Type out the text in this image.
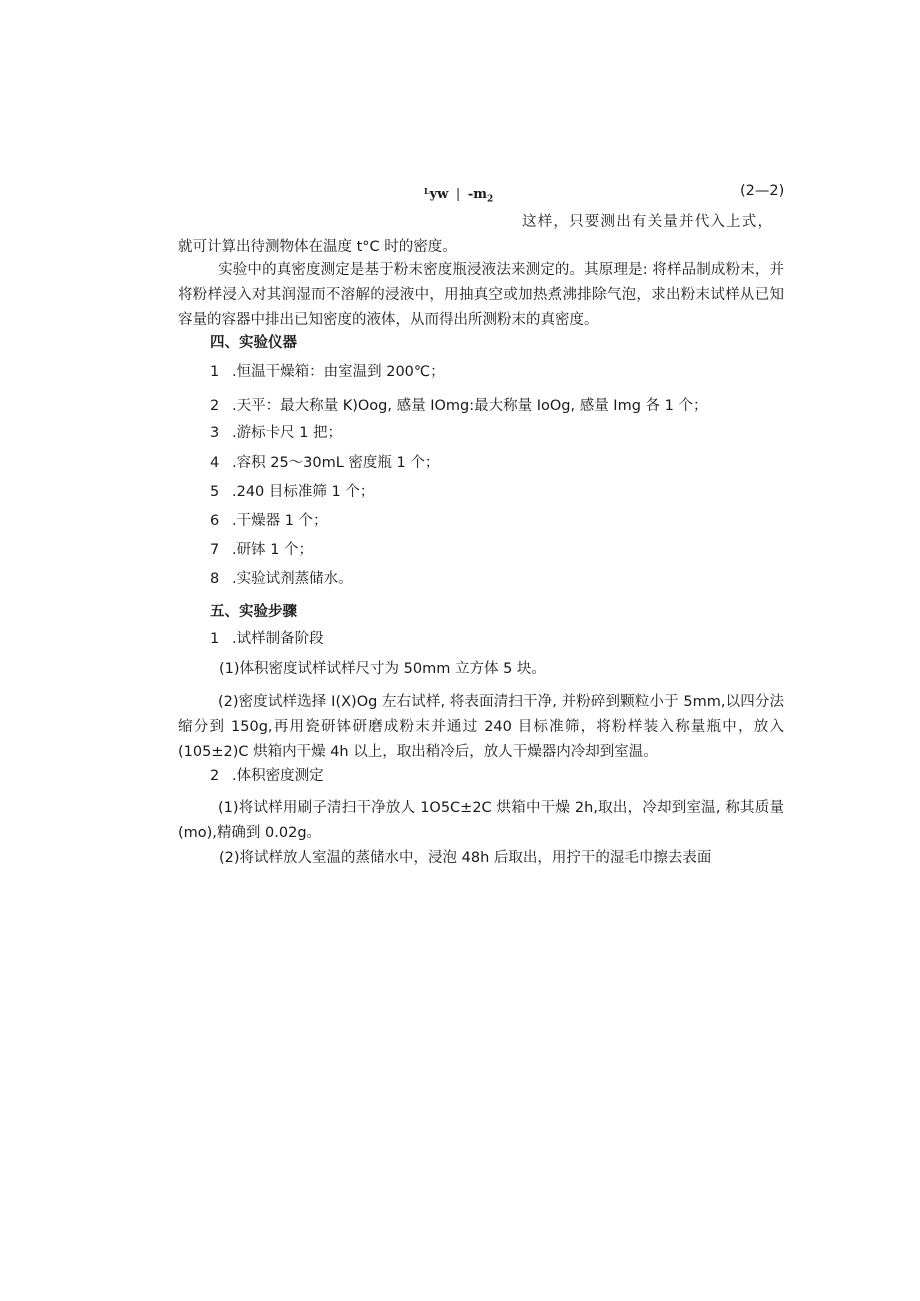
$^L$yw | $-m_2$
(2—2)
这样，只要测出有关量并代入上式，
就可计算出待测物体在温度 t°C 时的密度。
实验中的真密度测定是基于粉末密度瓶浸液法来测定的。其原理是: 将样品制成粉末，并将粉样浸入对其润湿而不溶解的浸液中，用抽真空或加热煮沸排除气泡，求出粉末试样从已知容量的容器中排出已知密度的液体，从而得出所测粉末的真密度。
四、实验仪器
1 .恒温干燥箱：由室温到 200℃；
2 .天平：最大称量 K)Oog, 感量 IOmg:最大称量 IoOg, 感量 Img 各 1 个；
3 .游标卡尺 1 把；
4 .容积 25～30mL 密度瓶 1 个；
5 .240 目标准筛 1 个；
6 .干燥器 1 个；
7 .研钵 1 个；
8 .实验试剂蒸储水。
五、实验步骤
1 .试样制备阶段
(1)体积密度试样试样尺寸为 50mm 立方体 5 块。
(2)密度试样选择 I(X)Og 左右试样, 将表面清扫干净, 并粉碎到颗粒小于 5mm,以四分法缩分到 150g,再用瓷研钵研磨成粉末并通过 240 目标准筛，将粉样装入称量瓶中，放入 (105±2)C 烘箱内干燥 4h 以上，取出稍冷后，放人干燥器内冷却到室温。
2 .体积密度测定
(1)将试样用刷子清扫干净放人 1O5C±2C 烘箱中干燥 2h,取出，冷却到室温, 称其质量 (mo),精确到 0.02g。
(2)将试样放人室温的蒸储水中，浸泡 48h 后取出，用拧干的湿毛巾擦去表面
